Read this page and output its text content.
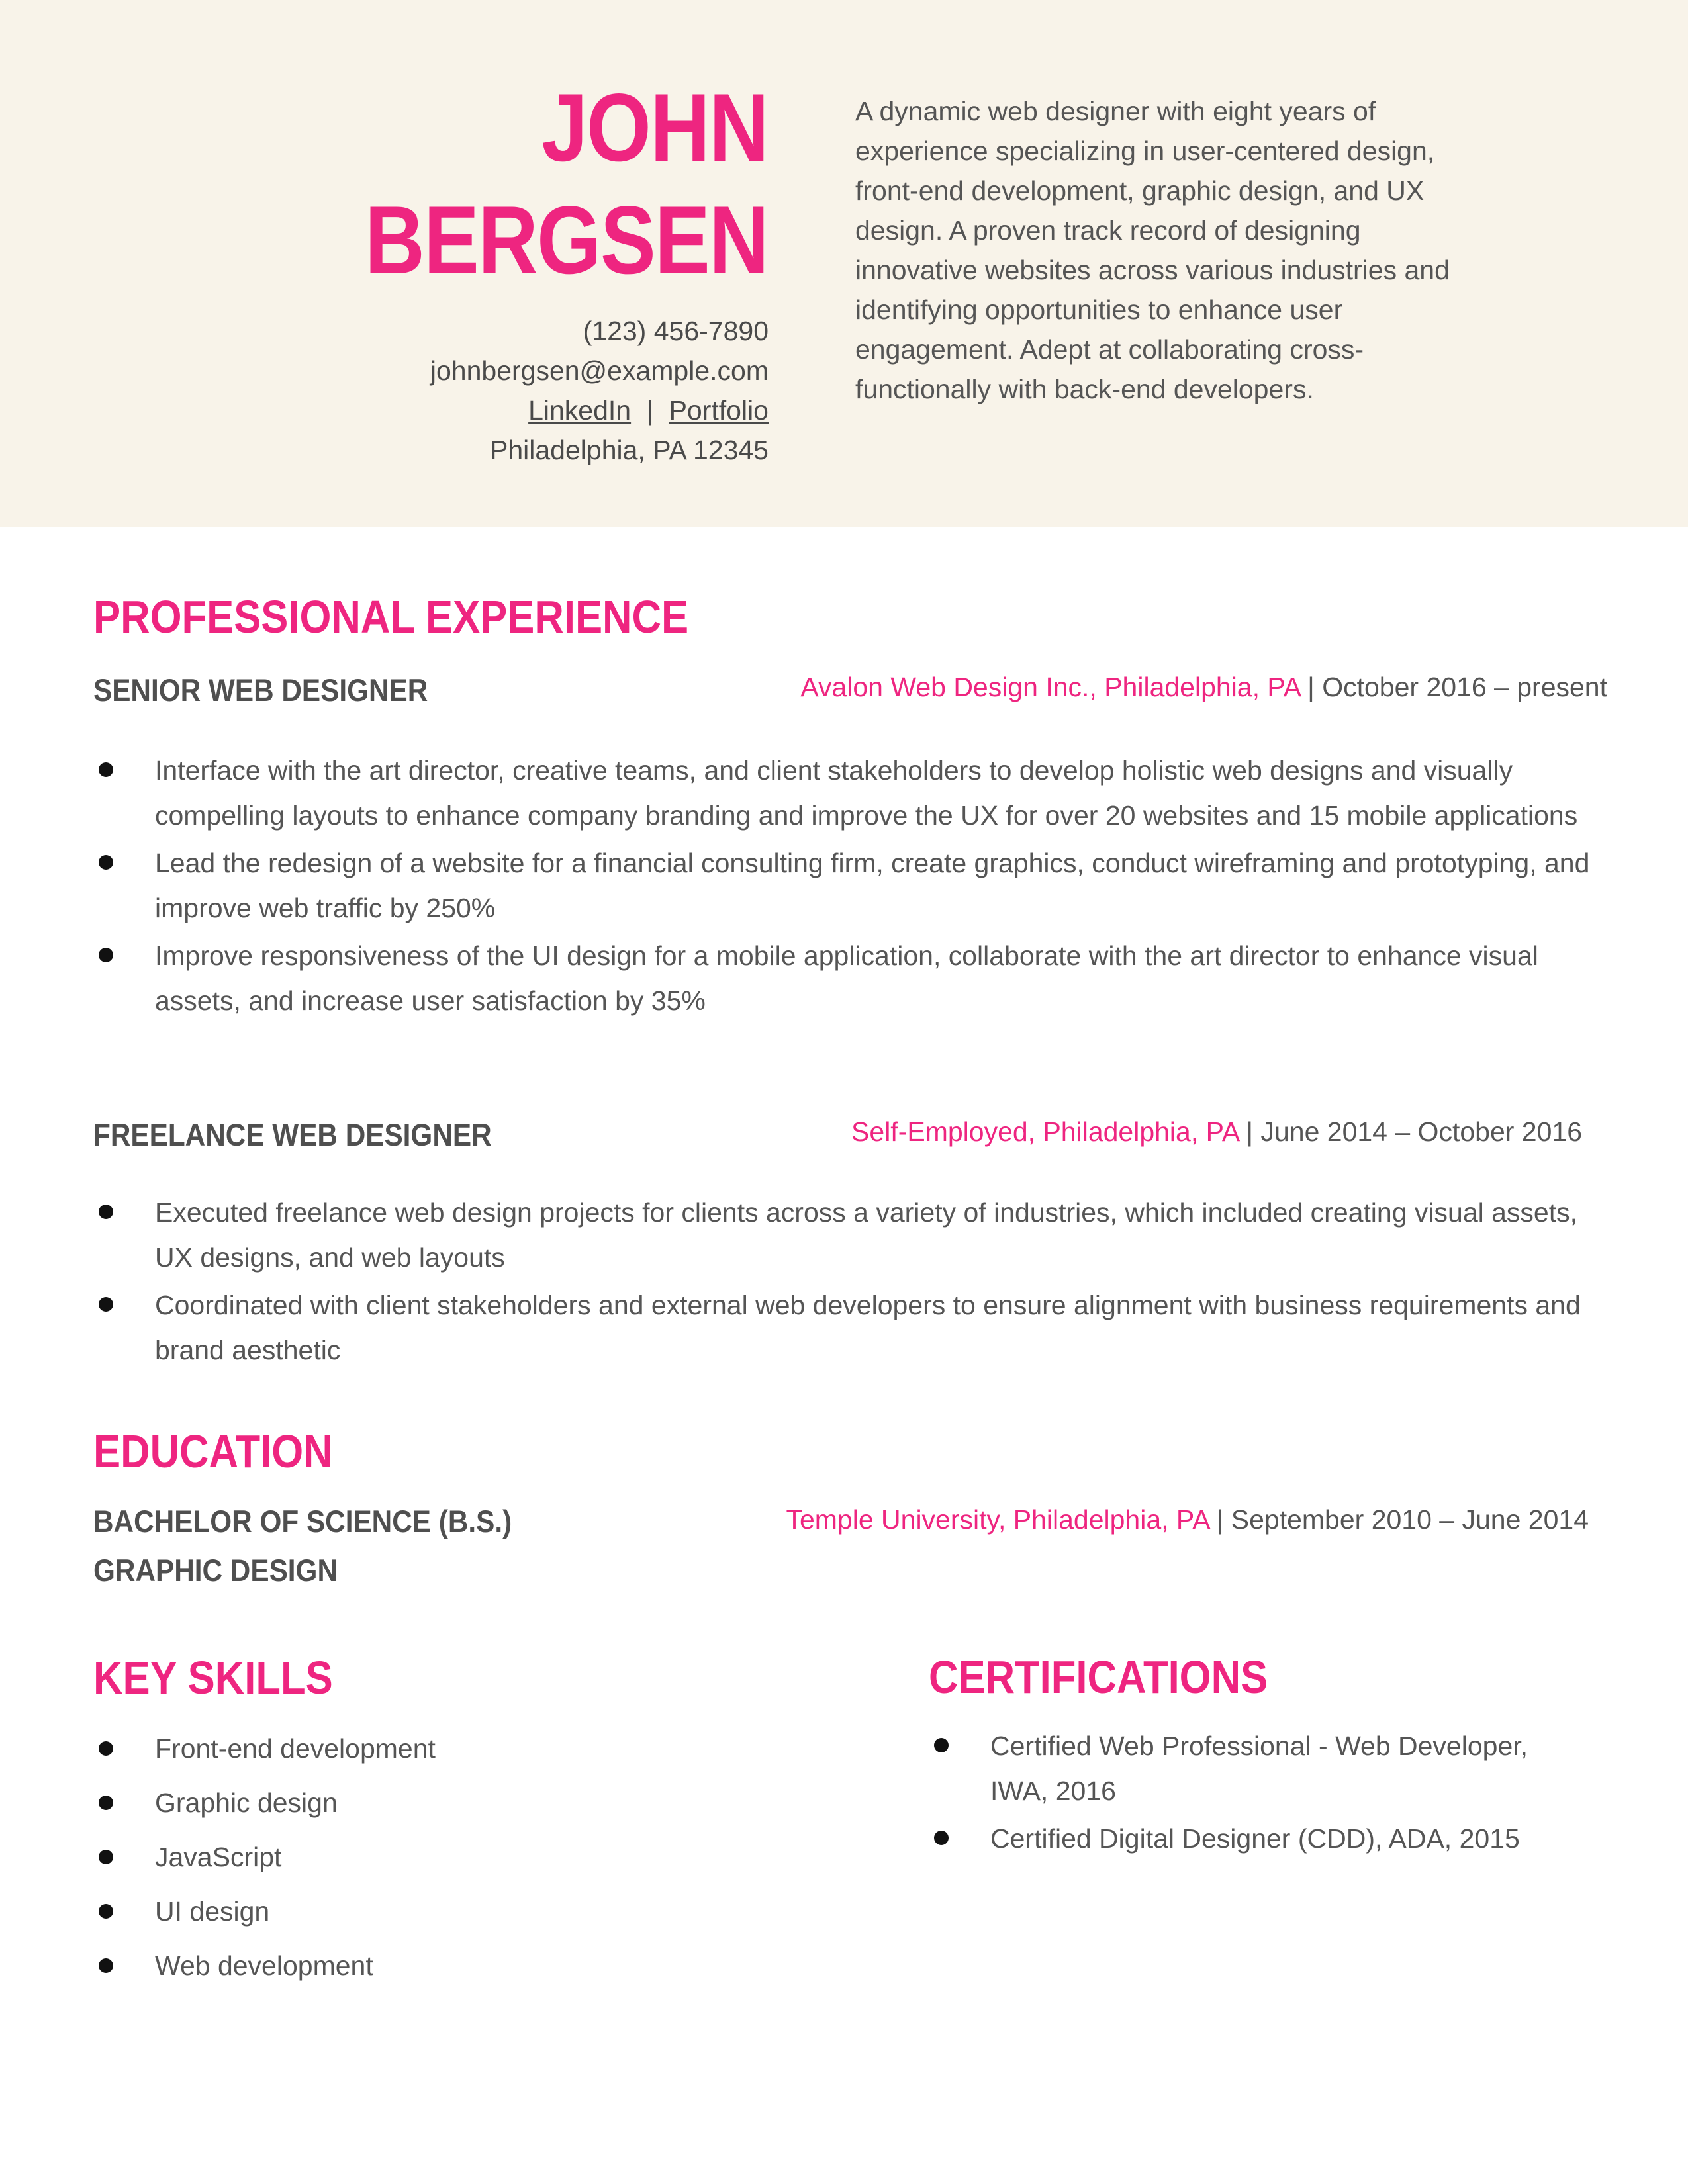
JOHN
BERGSEN
(123) 456-7890
johnbergsen@example.com
LinkedIn | Portfolio
Philadelphia, PA 12345
A dynamic web designer with eight years of experience specializing in user-centered design, front-end development, graphic design, and UX design. A proven track record of designing innovative websites across various industries and identifying opportunities to enhance user engagement. Adept at collaborating cross-functionally with back-end developers.
PROFESSIONAL EXPERIENCE
SENIOR WEB DESIGNER	Avalon Web Design Inc., Philadelphia, PA | October 2016 – present
Interface with the art director, creative teams, and client stakeholders to develop holistic web designs and visually compelling layouts to enhance company branding and improve the UX for over 20 websites and 15 mobile applications
Lead the redesign of a website for a financial consulting firm, create graphics, conduct wireframing and prototyping, and improve web traffic by 250%
Improve responsiveness of the UI design for a mobile application, collaborate with the art director to enhance visual assets, and increase user satisfaction by 35%
FREELANCE WEB DESIGNER	Self-Employed, Philadelphia, PA | June 2014 – October 2016
Executed freelance web design projects for clients across a variety of industries, which included creating visual assets, UX designs, and web layouts
Coordinated with client stakeholders and external web developers to ensure alignment with business requirements and brand aesthetic
EDUCATION
BACHELOR OF SCIENCE (B.S.)
GRAPHIC DESIGN
Temple University, Philadelphia, PA | September 2010 – June 2014
KEY SKILLS
Front-end development
Graphic design
JavaScript
UI design
Web development
CERTIFICATIONS
Certified Web Professional - Web Developer, IWA, 2016
Certified Digital Designer (CDD), ADA, 2015
